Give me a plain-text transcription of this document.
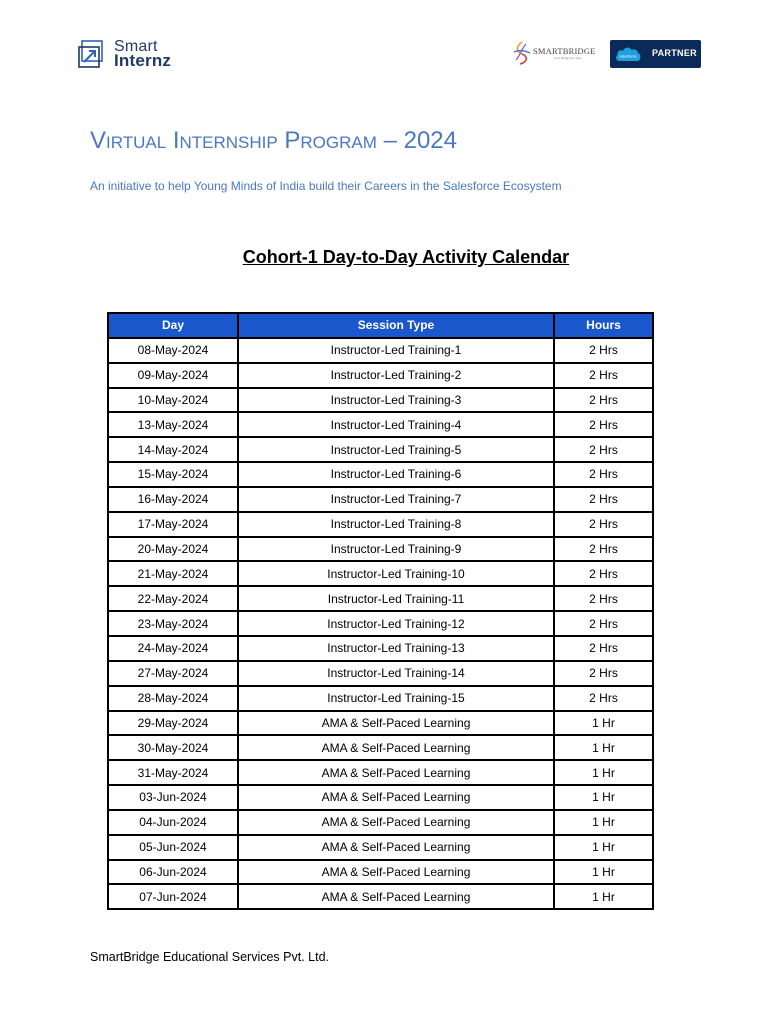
Smart
Internz	SMARTBRIDGE
Let's Bridge the Gap	salesforce PARTNER
Virtual Internship Program – 2024
An initiative to help Young Minds of India build their Careers in the Salesforce Ecosystem
Cohort-1 Day-to-Day Activity Calendar
Day	Session Type	Hours
08-May-2024	Instructor-Led Training-1	2 Hrs
09-May-2024	Instructor-Led Training-2	2 Hrs
10-May-2024	Instructor-Led Training-3	2 Hrs
13-May-2024	Instructor-Led Training-4	2 Hrs
14-May-2024	Instructor-Led Training-5	2 Hrs
15-May-2024	Instructor-Led Training-6	2 Hrs
16-May-2024	Instructor-Led Training-7	2 Hrs
17-May-2024	Instructor-Led Training-8	2 Hrs
20-May-2024	Instructor-Led Training-9	2 Hrs
21-May-2024	Instructor-Led Training-10	2 Hrs
22-May-2024	Instructor-Led Training-11	2 Hrs
23-May-2024	Instructor-Led Training-12	2 Hrs
24-May-2024	Instructor-Led Training-13	2 Hrs
27-May-2024	Instructor-Led Training-14	2 Hrs
28-May-2024	Instructor-Led Training-15	2 Hrs
29-May-2024	AMA & Self-Paced Learning	1 Hr
30-May-2024	AMA & Self-Paced Learning	1 Hr
31-May-2024	AMA & Self-Paced Learning	1 Hr
03-Jun-2024	AMA & Self-Paced Learning	1 Hr
04-Jun-2024	AMA & Self-Paced Learning	1 Hr
05-Jun-2024	AMA & Self-Paced Learning	1 Hr
06-Jun-2024	AMA & Self-Paced Learning	1 Hr
07-Jun-2024	AMA & Self-Paced Learning	1 Hr
SmartBridge Educational Services Pvt. Ltd.
